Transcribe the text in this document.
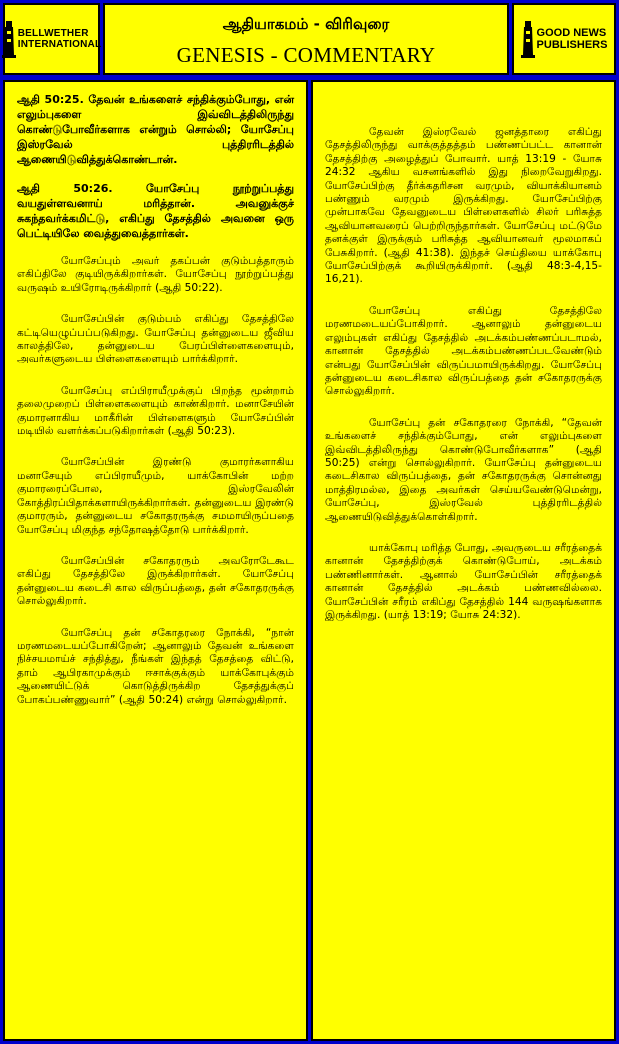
BELLWETHER
INTERNATIONAL
ஆதியாகமம் - விரிவுரை
GENESIS - COMMENTARY
GOOD NEWS
PUBLISHERS

ஆதி 50:25. தேவன் உங்களைச் சந்திக்கும்போது, என் எலும்புகளை இவ்விடத்திலிருந்து கொண்டுபோவீர்களாக என்றும் சொல்லி; யோசேப்பு இஸ்ரவேல் புத்திரரிடத்தில் ஆணையிடுவித்துக்கொண்டான்.

ஆதி 50:26. யோசேப்பு நூற்றுப்பத்து வயதுள்ளவனாய் மரித்தான். அவனுக்குச் சுகந்தவர்க்கமிட்டு, எகிப்து தேசத்தில் அவனை ஒரு பெட்டியிலே வைத்துவைத்தார்கள்.

யோசேப்பும் அவர் தகப்பன் குடும்பத்தாரும் எகிப்திலே குடியிருக்கிறார்கள். யோசேப்பு நூற்றுப்பத்து வருஷம் உயிரோடிருக்கிறார் (ஆதி 50:22).

யோசேப்பின் குடும்பம் எகிப்து தேசத்திலே கட்டியெழுப்பப்படுகிறது. யோசேப்பு தன்னுடைய ஜீவிய காலத்திலே, தன்னுடைய பேரப்பிள்ளைகளையும், அவர்களுடைய பிள்ளைகளையும் பார்க்கிறார்.

யோசேப்பு எப்பிராயீமுக்குப் பிறந்த மூன்றாம் தலைமுறைப் பிள்ளைகளையும் காண்கிறார். மனாசேயின் குமாரனாகிய மாகீரின் பிள்ளைகளும் யோசேப்பின் மடியில் வளர்க்கப்படுகிறார்கள் (ஆதி 50:23).

யோசேப்பின் இரண்டு குமாரர்களாகிய மனாசேயும் எப்பிராயீமும், யாக்கோபின் மற்ற குமாரரைப்போல, இஸ்ரவேலின் கோத்திரப்பிதாக்களாயிருக்கிறார்கள். தன்னுடைய இரண்டு குமாரரும், தன்னுடைய சகோதரருக்கு சமமாயிருப்பதை யோசேப்பு மிகுந்த சந்தோஷத்தோடு பார்க்கிறார்.

யோசேப்பின் சகோதரரும் அவரோடேகூட எகிப்து தேசத்திலே இருக்கிறார்கள். யோசேப்பு தன்னுடைய கடைசி கால விருப்பத்தை, தன் சகோதரருக்கு சொல்லுகிறார்.

யோசேப்பு தன் சகோதரரை நோக்கி, “நான் மரணமடையப்போகிறேன்; ஆனாலும் தேவன் உங்களை நிச்சயமாய்ச் சந்தித்து, நீங்கள் இந்தத் தேசத்தை விட்டு, தாம் ஆபிரகாமுக்கும் ஈசாக்குக்கும் யாக்கோபுக்கும் ஆணையிட்டுக் கொடுத்திருக்கிற தேசத்துக்குப் போகப்பண்ணுவார்” (ஆதி 50:24) என்று சொல்லுகிறார்.

தேவன் இஸ்ரவேல் ஜனத்தாரை எகிப்து தேசத்திலிருந்து வாக்குத்தத்தம் பண்ணப்பட்ட கானான் தேசத்திற்கு அழைத்துப் போவார். யாத் 13:19 - யோசு 24:32 ஆகிய வசனங்களில் இது நிறைவேறுகிறது. யோசேப்பிற்கு தீர்க்கதரிசன வரமும், வியாக்கியானம் பண்ணும் வரமும் இருக்கிறது. யோசேப்பிற்கு முன்பாகவே தேவனுடைய பிள்ளைகளில் சிலர் பரிசுத்த ஆவியானவரைப் பெற்றிருந்தார்கள். யோசேப்பு மட்டுமே தனக்குள் இருக்கும் பரிசுத்த ஆவியானவர் மூலமாகப் பேசுகிறார். (ஆதி 41:38). இந்தச் செய்தியை யாக்கோபு யோசேப்பிற்குக் கூறியிருக்கிறார். (ஆதி 48:3-4,15-16,21).

யோசேப்பு எகிப்து தேசத்திலே மரணமடையப்போகிறார். ஆனாலும் தன்னுடைய எலும்புகள் எகிப்து தேசத்தில் அடக்கம்பண்ணப்படாமல், கானான் தேசத்தில் அடக்கம்பண்ணப்படவேண்டும் என்பது யோசேப்பின் விருப்பமாயிருக்கிறது. யோசேப்பு தன்னுடைய கடைசிகால விருப்பத்தை தன் சகோதரருக்கு சொல்லுகிறார்.

யோசேப்பு தன் சகோதரரை நோக்கி, “தேவன் உங்களைச் சந்திக்கும்போது, என் எலும்புகளை இவ்விடத்திலிருந்து கொண்டுபோவீர்களாக” (ஆதி 50:25) என்று சொல்லுகிறார். யோசேப்பு தன்னுடைய கடைசிகால விருப்பத்தை, தன் சகோதரருக்கு சொன்னது மாத்திரமல்ல, இதை அவர்கள் செய்யவேண்டுமென்று, யோசேப்பு, இஸ்ரவேல் புத்திரரிடத்தில் ஆணையிடுவித்துக்கொள்கிறார்.

யாக்கோபு மரித்த போது, அவருடைய சரீரத்தைக் கானான் தேசத்திற்குக் கொண்டுபோய், அடக்கம் பண்ணினார்கள். ஆனால் யோசேப்பின் சரீரத்தைக் கானான் தேசத்தில் அடக்கம் பண்ணவில்லை. யோசேப்பின் சரீரம் எகிப்து தேசத்தில் 144 வருஷங்களாக இருக்கிறது. (யாத் 13:19; யோசு 24:32).
